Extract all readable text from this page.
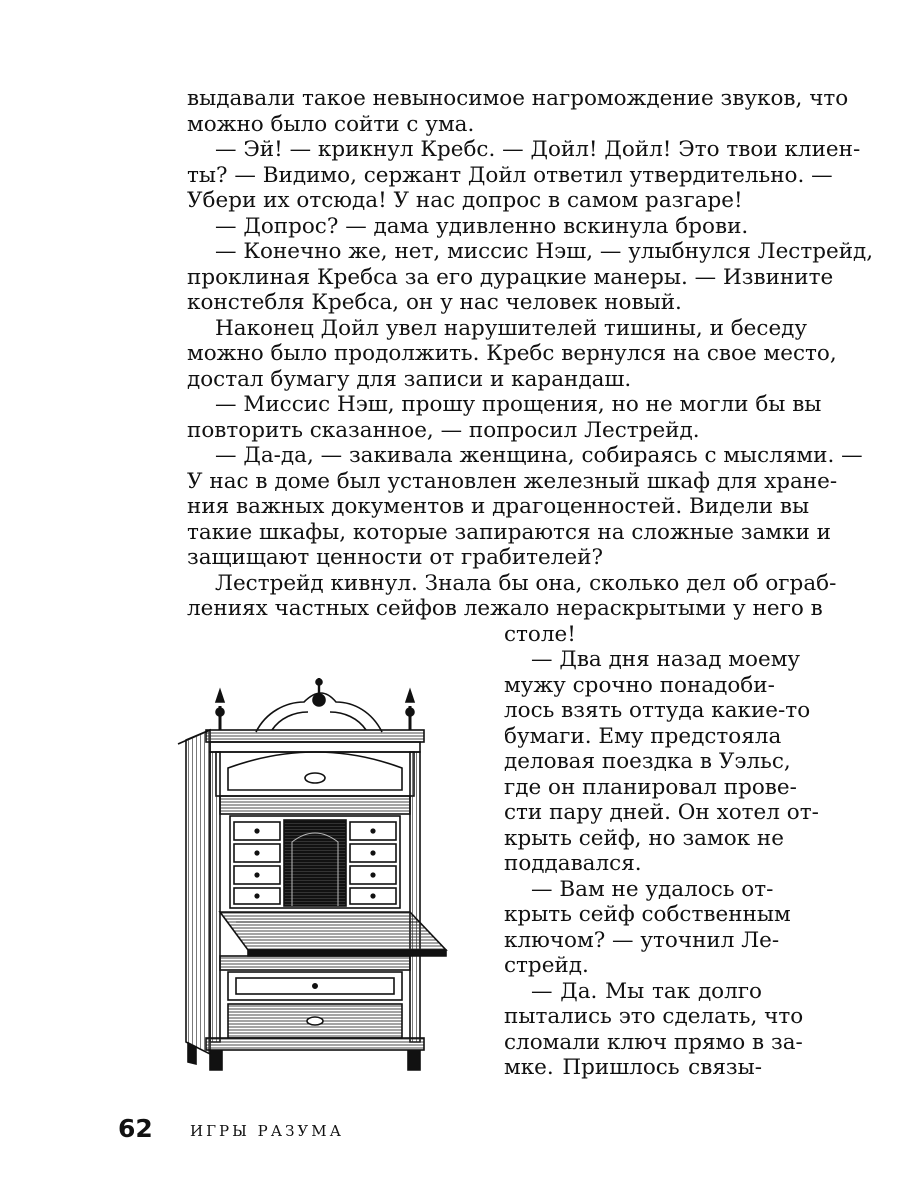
выдавали такое невыносимое нагромождение звуков, что
можно было сойти с ума.
— Эй! — крикнул Кребс. — Дойл! Дойл! Это твои клиен-
ты? — Видимо, сержант Дойл ответил утвердительно. —
Убери их отсюда! У нас допрос в самом разгаре!
— Допрос? — дама удивленно вскинула брови.
— Конечно же, нет, миссис Нэш, — улыбнулся Лестрейд,
проклиная Кребса за его дурацкие манеры. — Извините
констебля Кребса, он у нас человек новый.
Наконец Дойл увел нарушителей тишины, и беседу
можно было продолжить. Кребс вернулся на свое место,
достал бумагу для записи и карандаш.
— Миссис Нэш, прошу прощения, но не могли бы вы
повторить сказанное, — попросил Лестрейд.
— Да-да, — закивала женщина, собираясь с мыслями. —
У нас в доме был установлен железный шкаф для хране-
ния важных документов и драгоценностей. Видели вы
такие шкафы, которые запираются на сложные замки и
защищают ценности от грабителей?
Лестрейд кивнул. Знала бы она, сколько дел об ограб-
лениях частных сейфов лежало нераскрытыми у него в
столе!
— Два дня назад моему
мужу срочно понадоби-
лось взять оттуда какие-то
бумаги. Ему предстояла
деловая поездка в Уэльс,
где он планировал прове-
сти пару дней. Он хотел от-
крыть сейф, но замок не
поддавался.
— Вам не удалось от-
крыть сейф собственным
ключом? — уточнил Ле-
стрейд.
— Да. Мы так долго
пытались это сделать, что
сломали ключ прямо в за-
мке. Пришлось связы-
62 ИГРЫ РАЗУМА
